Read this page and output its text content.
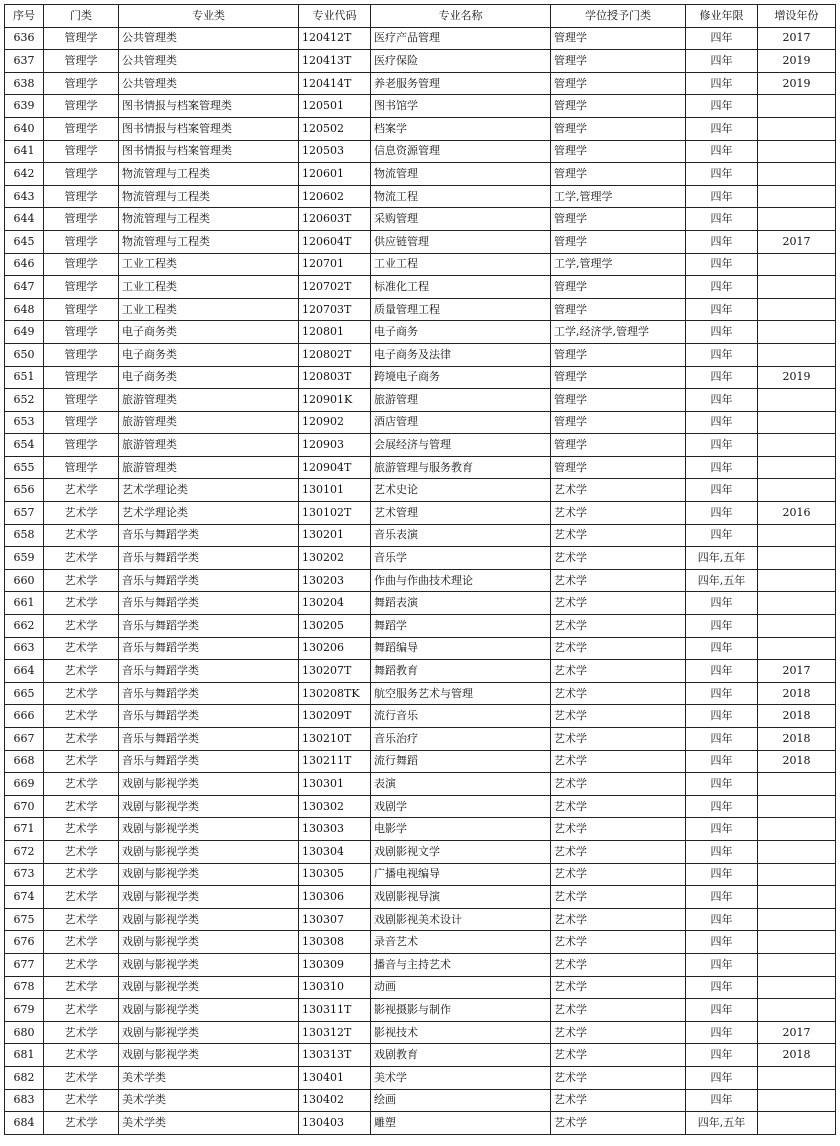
序号	门类	专业类	专业代码	专业名称	学位授予门类	修业年限	增设年份
636	管理学	公共管理类	120412T	医疗产品管理	管理学	四年	2017
637	管理学	公共管理类	120413T	医疗保险	管理学	四年	2019
638	管理学	公共管理类	120414T	养老服务管理	管理学	四年	2019
639	管理学	图书情报与档案管理类	120501	图书馆学	管理学	四年	
640	管理学	图书情报与档案管理类	120502	档案学	管理学	四年	
641	管理学	图书情报与档案管理类	120503	信息资源管理	管理学	四年	
642	管理学	物流管理与工程类	120601	物流管理	管理学	四年	
643	管理学	物流管理与工程类	120602	物流工程	工学,管理学	四年	
644	管理学	物流管理与工程类	120603T	采购管理	管理学	四年	
645	管理学	物流管理与工程类	120604T	供应链管理	管理学	四年	2017
646	管理学	工业工程类	120701	工业工程	工学,管理学	四年	
647	管理学	工业工程类	120702T	标准化工程	管理学	四年	
648	管理学	工业工程类	120703T	质量管理工程	管理学	四年	
649	管理学	电子商务类	120801	电子商务	工学,经济学,管理学	四年	
650	管理学	电子商务类	120802T	电子商务及法律	管理学	四年	
651	管理学	电子商务类	120803T	跨境电子商务	管理学	四年	2019
652	管理学	旅游管理类	120901K	旅游管理	管理学	四年	
653	管理学	旅游管理类	120902	酒店管理	管理学	四年	
654	管理学	旅游管理类	120903	会展经济与管理	管理学	四年	
655	管理学	旅游管理类	120904T	旅游管理与服务教育	管理学	四年	
656	艺术学	艺术学理论类	130101	艺术史论	艺术学	四年	
657	艺术学	艺术学理论类	130102T	艺术管理	艺术学	四年	2016
658	艺术学	音乐与舞蹈学类	130201	音乐表演	艺术学	四年	
659	艺术学	音乐与舞蹈学类	130202	音乐学	艺术学	四年,五年	
660	艺术学	音乐与舞蹈学类	130203	作曲与作曲技术理论	艺术学	四年,五年	
661	艺术学	音乐与舞蹈学类	130204	舞蹈表演	艺术学	四年	
662	艺术学	音乐与舞蹈学类	130205	舞蹈学	艺术学	四年	
663	艺术学	音乐与舞蹈学类	130206	舞蹈编导	艺术学	四年	
664	艺术学	音乐与舞蹈学类	130207T	舞蹈教育	艺术学	四年	2017
665	艺术学	音乐与舞蹈学类	130208TK	航空服务艺术与管理	艺术学	四年	2018
666	艺术学	音乐与舞蹈学类	130209T	流行音乐	艺术学	四年	2018
667	艺术学	音乐与舞蹈学类	130210T	音乐治疗	艺术学	四年	2018
668	艺术学	音乐与舞蹈学类	130211T	流行舞蹈	艺术学	四年	2018
669	艺术学	戏剧与影视学类	130301	表演	艺术学	四年	
670	艺术学	戏剧与影视学类	130302	戏剧学	艺术学	四年	
671	艺术学	戏剧与影视学类	130303	电影学	艺术学	四年	
672	艺术学	戏剧与影视学类	130304	戏剧影视文学	艺术学	四年	
673	艺术学	戏剧与影视学类	130305	广播电视编导	艺术学	四年	
674	艺术学	戏剧与影视学类	130306	戏剧影视导演	艺术学	四年	
675	艺术学	戏剧与影视学类	130307	戏剧影视美术设计	艺术学	四年	
676	艺术学	戏剧与影视学类	130308	录音艺术	艺术学	四年	
677	艺术学	戏剧与影视学类	130309	播音与主持艺术	艺术学	四年	
678	艺术学	戏剧与影视学类	130310	动画	艺术学	四年	
679	艺术学	戏剧与影视学类	130311T	影视摄影与制作	艺术学	四年	
680	艺术学	戏剧与影视学类	130312T	影视技术	艺术学	四年	2017
681	艺术学	戏剧与影视学类	130313T	戏剧教育	艺术学	四年	2018
682	艺术学	美术学类	130401	美术学	艺术学	四年	
683	艺术学	美术学类	130402	绘画	艺术学	四年	
684	艺术学	美术学类	130403	雕塑	艺术学	四年,五年	
